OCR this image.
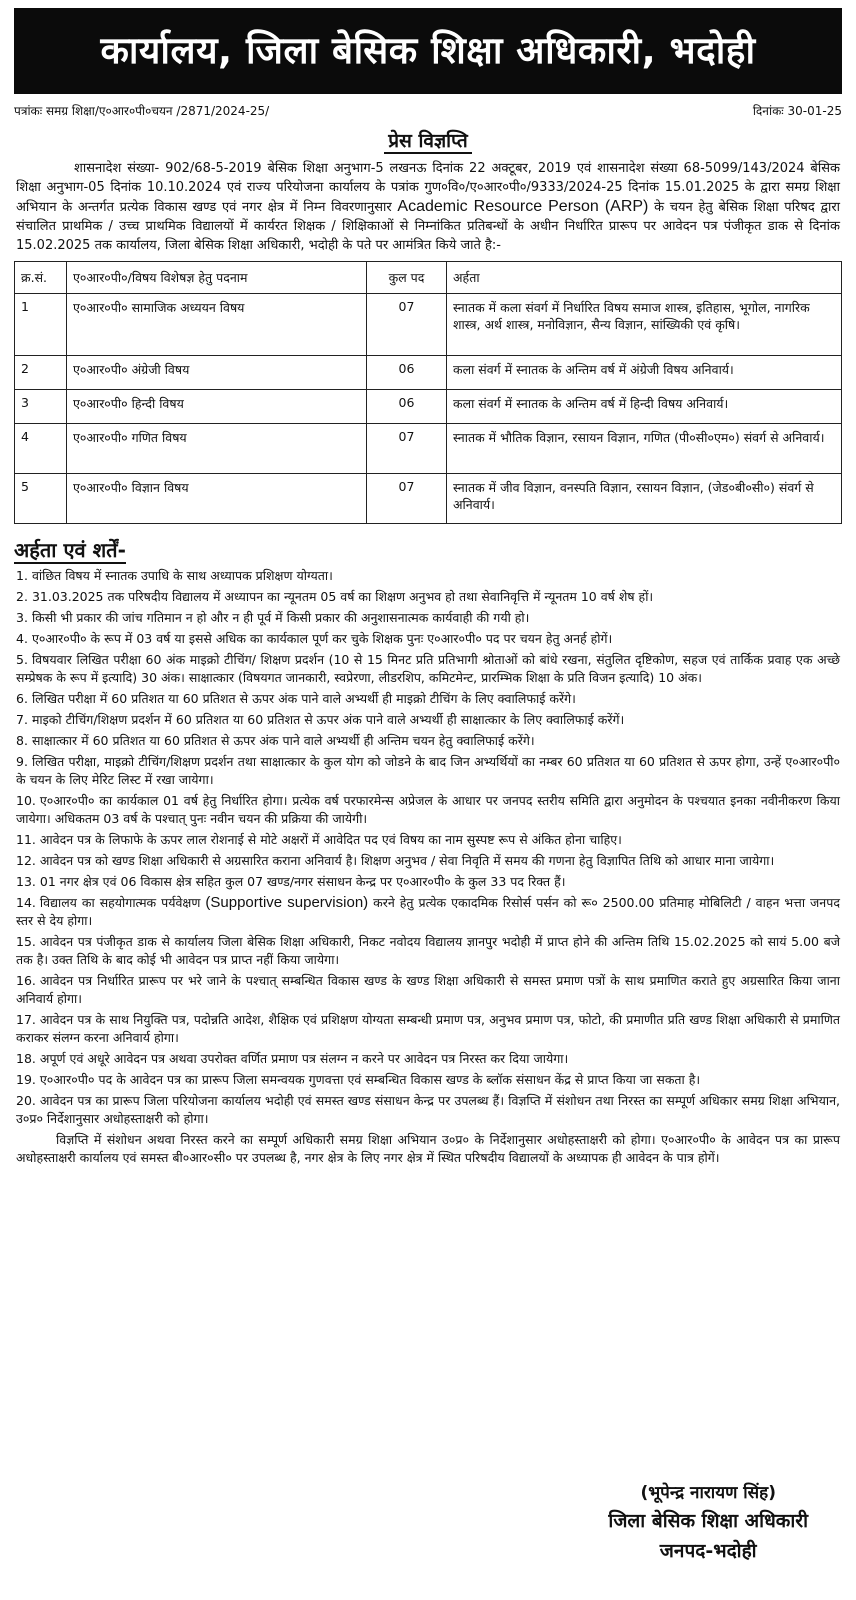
कार्यालय, जिला बेसिक शिक्षा अधिकारी, भदोही
पत्रांकः समग्र शिक्षा/ए०आर०पी०चयन /2871/2024-25/	दिनांकः 30-01-25
प्रेस विज्ञप्ति

शासनादेश संख्या- 902/68-5-2019 बेसिक शिक्षा अनुभाग-5 लखनऊ दिनांक 22 अक्टूबर, 2019 एवं शासनादेश संख्या 68-5099/143/2024 बेसिक शिक्षा अनुभाग-05 दिनांक 10.10.2024 एवं राज्य परियोजना कार्यालय के पत्रांक गुण०वि०/ए०आर०पी०/9333/2024-25 दिनांक 15.01.2025 के द्वारा समग्र शिक्षा अभियान के अन्तर्गत प्रत्येक विकास खण्ड एवं नगर क्षेत्र में निम्न विवरणानुसार Academic Resource Person (ARP) के चयन हेतु बेसिक शिक्षा परिषद द्वारा संचालित प्राथमिक / उच्च प्राथमिक विद्यालयों में कार्यरत शिक्षक / शिक्षिकाओं से निम्नांकित प्रतिबन्धों के अधीन निर्धारित प्रारूप पर आवेदन पत्र पंजीकृत डाक से दिनांक 15.02.2025 तक कार्यालय, जिला बेसिक शिक्षा अधिकारी, भदोही के पते पर आमंत्रित किये जाते है:-

क्र.सं.	ए०आर०पी०/विषय विशेषज्ञ हेतु पदनाम	कुल पद	अर्हता
1	ए०आर०पी० सामाजिक अध्ययन विषय	07	स्नातक में कला संवर्ग में निर्धारित विषय समाज शास्त्र, इतिहास, भूगोल, नागरिक शास्त्र, अर्थ शास्त्र, मनोविज्ञान, सैन्य विज्ञान, सांख्यिकी एवं कृषि।
2	ए०आर०पी० अंग्रेजी विषय	06	कला संवर्ग में स्नातक के अन्तिम वर्ष में अंग्रेजी विषय अनिवार्य।
3	ए०आर०पी० हिन्दी विषय	06	कला संवर्ग में स्नातक के अन्तिम वर्ष में हिन्दी विषय अनिवार्य।
4	ए०आर०पी० गणित विषय	07	स्नातक में भौतिक विज्ञान, रसायन विज्ञान, गणित (पी०सी०एम०) संवर्ग से अनिवार्य।
5	ए०आर०पी० विज्ञान विषय	07	स्नातक में जीव विज्ञान, वनस्पति विज्ञान, रसायन विज्ञान, (जेड०बी०सी०) संवर्ग से अनिवार्य।
अर्हता एवं शर्तें-
1. वांछित विषय में स्नातक उपाधि के साथ अध्यापक प्रशिक्षण योग्यता।
2. 31.03.2025 तक परिषदीय विद्यालय में अध्यापन का न्यूनतम 05 वर्ष का शिक्षण अनुभव हो तथा सेवानिवृत्ति में न्यूनतम 10 वर्ष शेष हों।
3. किसी भी प्रकार की जांच गतिमान न हो और न ही पूर्व में किसी प्रकार की अनुशासनात्मक कार्यवाही की गयी हो।
4. ए०आर०पी० के रूप में 03 वर्ष या इससे अधिक का कार्यकाल पूर्ण कर चुके शिक्षक पुनः ए०आर०पी० पद पर चयन हेतु अनर्ह होगें।
5. विषयवार लिखित परीक्षा 60 अंक माइक्रो टीचिंग/ शिक्षण प्रदर्शन (10 से 15 मिनट प्रति प्रतिभागी श्रोताओं को बांधे रखना, संतुलित दृष्टिकोण, सहज एवं तार्किक प्रवाह एक अच्छे सम्प्रेषक के रूप में इत्यादि) 30 अंक। साक्षात्कार (विषयगत जानकारी, स्वप्रेरणा, लीडरशिप, कमिटमेन्ट, प्रारम्भिक शिक्षा के प्रति विजन इत्यादि) 10 अंक।
6. लिखित परीक्षा में 60 प्रतिशत या 60 प्रतिशत से ऊपर अंक पाने वाले अभ्यर्थी ही माइक्रो टीचिंग के लिए क्वालिफाई करेंगे।
7. माइको टीचिंग/शिक्षण प्रदर्शन में 60 प्रतिशत या 60 प्रतिशत से ऊपर अंक पाने वाले अभ्यर्थी ही साक्षात्कार के लिए क्वालिफाई करेंगें।
8. साक्षात्कार में 60 प्रतिशत या 60 प्रतिशत से ऊपर अंक पाने वाले अभ्यर्थी ही अन्तिम चयन हेतु क्वालिफाई करेंगे।
9. लिखित परीक्षा, माइक्रो टीचिंग/शिक्षण प्रदर्शन तथा साक्षात्कार के कुल योग को जोडने के बाद जिन अभ्यर्थियों का नम्बर 60 प्रतिशत या 60 प्रतिशत से ऊपर होगा, उन्हें ए०आर०पी० के चयन के लिए मेरिट लिस्ट में रखा जायेगा।
10. ए०आर०पी० का कार्यकाल 01 वर्ष हेतु निर्धारित होगा। प्रत्येक वर्ष परफारमेन्स अप्रेजल के आधार पर जनपद स्तरीय समिति द्वारा अनुमोदन के पश्चयात इनका नवीनीकरण किया जायेगा। अधिकतम 03 वर्ष के पश्चात् पुनः नवीन चयन की प्रक्रिया की जायेगी।
11. आवेदन पत्र के लिफाफे के ऊपर लाल रोशनाई से मोटे अक्षरों में आवेदित पद एवं विषय का नाम सुस्पष्ट रूप से अंकित होना चाहिए।
12. आवेदन पत्र को खण्ड शिक्षा अधिकारी से अग्रसारित कराना अनिवार्य है। शिक्षण अनुभव / सेवा निवृति में समय की गणना हेतु विज्ञापित तिथि को आधार माना जायेगा।
13. 01 नगर क्षेत्र एवं 06 विकास क्षेत्र सहित कुल 07 खण्ड/नगर संसाधन केन्द्र पर ए०आर०पी० के कुल 33 पद रिक्त हैं।
14. विद्यालय का सहयोगात्मक पर्यवेक्षण (Supportive supervision) करने हेतु प्रत्येक एकादमिक रिसोर्स पर्सन को रू० 2500.00 प्रतिमाह मोबिलिटी / वाहन भत्ता जनपद स्तर से देय होगा।
15. आवेदन पत्र पंजीकृत डाक से कार्यालय जिला बेसिक शिक्षा अधिकारी, निकट नवोदय विद्यालय ज्ञानपुर भदोही में प्राप्त होने की अन्तिम तिथि 15.02.2025 को सायं 5.00 बजे तक है। उक्त तिथि के बाद कोई भी आवेदन पत्र प्राप्त नहीं किया जायेगा।
16. आवेदन पत्र निर्धारित प्रारूप पर भरे जाने के पश्चात् सम्बन्धित विकास खण्ड के खण्ड शिक्षा अधिकारी से समस्त प्रमाण पत्रों के साथ प्रमाणित कराते हुए अग्रसारित किया जाना अनिवार्य होगा।
17. आवेदन पत्र के साथ नियुक्ति पत्र, पदोन्नति आदेश, शैक्षिक एवं प्रशिक्षण योग्यता सम्बन्धी प्रमाण पत्र, अनुभव प्रमाण पत्र, फोटो, की प्रमाणीत प्रति खण्ड शिक्षा अधिकारी से प्रमाणित कराकर संलग्न करना अनिवार्य होगा।
18. अपूर्ण एवं अधूरे आवेदन पत्र अथवा उपरोक्त वर्णित प्रमाण पत्र संलग्न न करने पर आवेदन पत्र निरस्त कर दिया जायेगा।
19. ए०आर०पी० पद के आवेदन पत्र का प्रारूप जिला समन्वयक गुणवत्ता एवं सम्बन्धित विकास खण्ड के ब्लॉक संसाधन केंद्र से प्राप्त किया जा सकता है।
20. आवेदन पत्र का प्रारूप जिला परियोजना कार्यालय भदोही एवं समस्त खण्ड संसाधन केन्द्र पर उपलब्ध हैं। विज्ञप्ति में संशोधन तथा निरस्त का सम्पूर्ण अधिकार समग्र शिक्षा अभियान, उ०प्र० निर्देशानुसार अधोहस्ताक्षरी को होगा।

विज्ञप्ति में संशोधन अथवा निरस्त करने का सम्पूर्ण अधिकारी समग्र शिक्षा अभियान उ०प्र० के निर्देशानुसार अधोहस्ताक्षरी को होगा। ए०आर०पी० के आवेदन पत्र का प्रारूप अधोहस्ताक्षरी कार्यालय एवं समस्त बी०आर०सी० पर उपलब्ध है, नगर क्षेत्र के लिए नगर क्षेत्र में स्थित परिषदीय विद्यालयों के अध्यापक ही आवेदन के पात्र होगें।

(भूपेन्द्र नारायण सिंह)
जिला बेसिक शिक्षा अधिकारी
जनपद-भदोही
